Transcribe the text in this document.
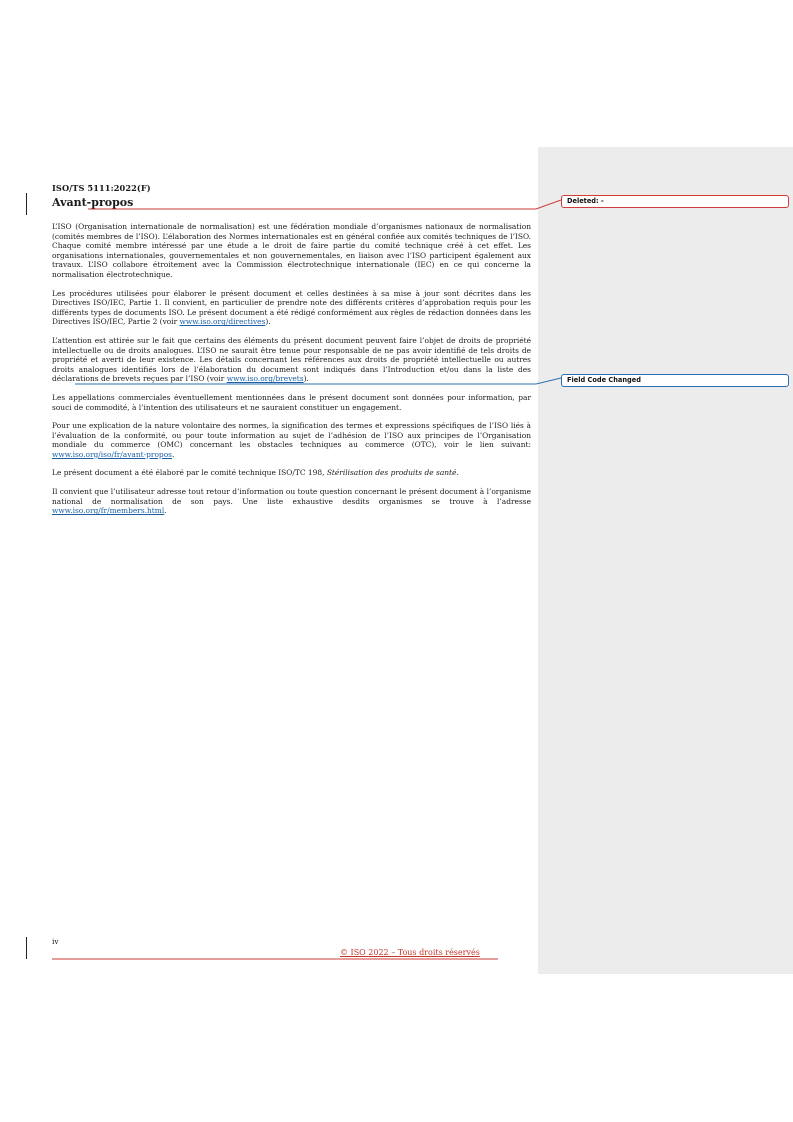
ISO/TS 5111:2022(F)
Avant-propos

L’ISO (Organisation internationale de normalisation) est une fédération mondiale d’organismes nationaux de normalisation (comités membres de l’ISO). L’élaboration des Normes internationales est en général confiée aux comités techniques de l’ISO. Chaque comité membre intéressé par une étude a le droit de faire partie du comité technique créé à cet effet. Les organisations internationales, gouvernementales et non gouvernementales, en liaison avec l’ISO participent également aux travaux. L’ISO collabore étroitement avec la Commission électrotechnique internationale (IEC) en ce qui concerne la normalisation électrotechnique.

Les procédures utilisées pour élaborer le présent document et celles destinées à sa mise à jour sont décrites dans les Directives ISO/IEC, Partie 1. Il convient, en particulier de prendre note des différents critères d’approbation requis pour les différents types de documents ISO. Le présent document a été rédigé conformément aux règles de rédaction données dans les Directives ISO/IEC, Partie 2 (voir www.iso.org/directives).

L’attention est attirée sur le fait que certains des éléments du présent document peuvent faire l’objet de droits de propriété intellectuelle ou de droits analogues. L’ISO ne saurait être tenue pour responsable de ne pas avoir identifié de tels droits de propriété et averti de leur existence. Les détails concernant les références aux droits de propriété intellectuelle ou autres droits analogues identifiés lors de l’élaboration du document sont indiqués dans l’Introduction et/ou dans la liste des déclarations de brevets reçues par l’ISO (voir www.iso.org/brevets).

Les appellations commerciales éventuellement mentionnées dans le présent document sont données pour information, par souci de commodité, à l’intention des utilisateurs et ne sauraient constituer un engagement.

Pour une explication de la nature volontaire des normes, la signification des termes et expressions spécifiques de l’ISO liés à l’évaluation de la conformité, ou pour toute information au sujet de l’adhésion de l’ISO aux principes de l’Organisation mondiale du commerce (OMC) concernant les obstacles techniques au commerce (OTC), voir le lien suivant: www.iso.org/iso/fr/avant-propos.

Le présent document a été élaboré par le comité technique ISO/TC 198, Stérilisation des produits de santé.

Il convient que l’utilisateur adresse tout retour d’information ou toute question concernant le présent document à l’organisme national de normalisation de son pays. Une liste exhaustive desdits organismes se trouve à l’adresse www.iso.org/fr/members.html.

Deleted: -
Field Code Changed
iv
© ISO 2022 – Tous droits réservés
